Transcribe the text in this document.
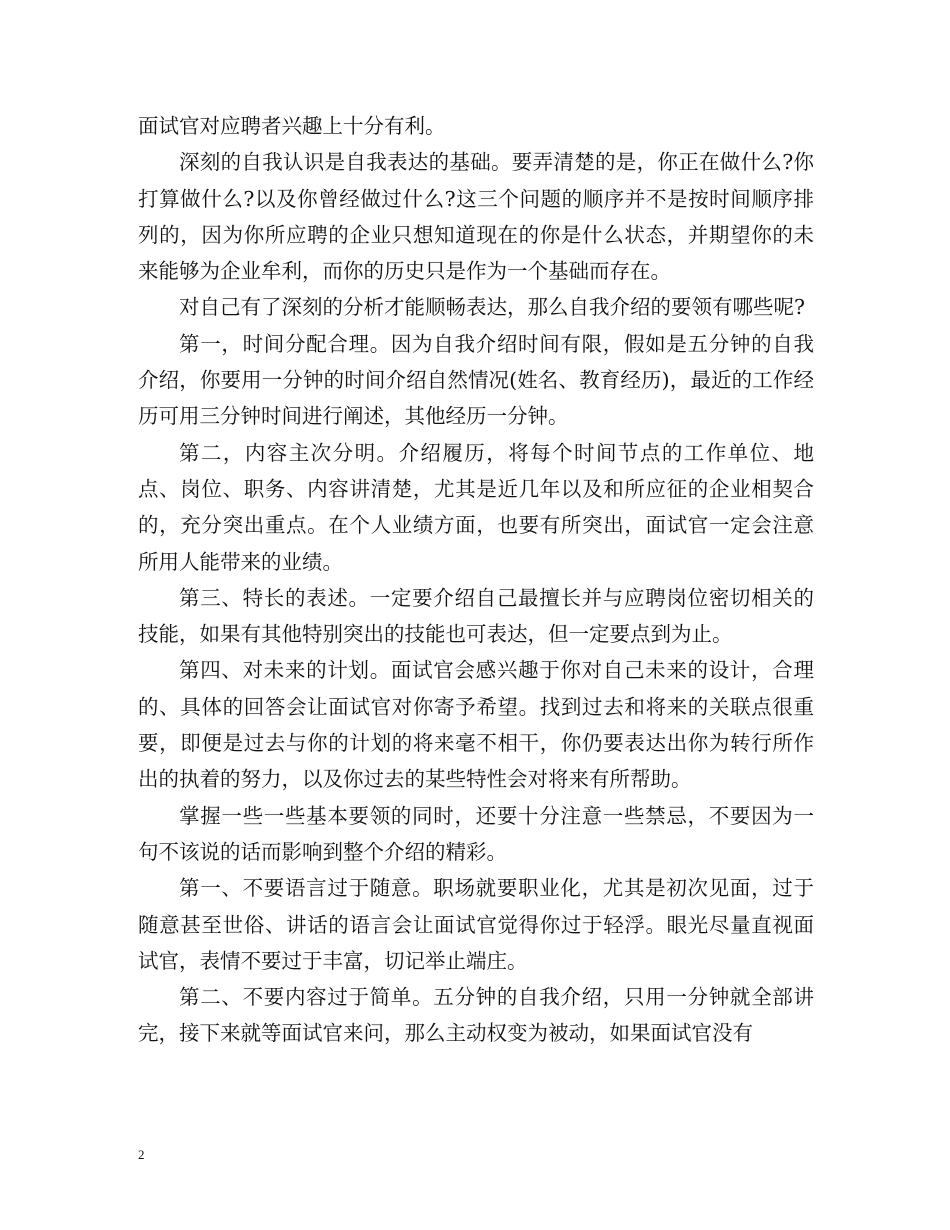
面试官对应聘者兴趣上十分有利。

深刻的自我认识是自我表达的基础。要弄清楚的是，你正在做什么?你打算做什么?以及你曾经做过什么?这三个问题的顺序并不是按时间顺序排列的，因为你所应聘的企业只想知道现在的你是什么状态，并期望你的未来能够为企业牟利，而你的历史只是作为一个基础而存在。

对自己有了深刻的分析才能顺畅表达，那么自我介绍的要领有哪些呢?

第一，时间分配合理。因为自我介绍时间有限，假如是五分钟的自我介绍，你要用一分钟的时间介绍自然情况(姓名、教育经历)，最近的工作经历可用三分钟时间进行阐述，其他经历一分钟。

第二，内容主次分明。介绍履历，将每个时间节点的工作单位、地点、岗位、职务、内容讲清楚，尤其是近几年以及和所应征的企业相契合的，充分突出重点。在个人业绩方面，也要有所突出，面试官一定会注意所用人能带来的业绩。

第三、特长的表述。一定要介绍自己最擅长并与应聘岗位密切相关的技能，如果有其他特别突出的技能也可表达，但一定要点到为止。

第四、对未来的计划。面试官会感兴趣于你对自己未来的设计，合理的、具体的回答会让面试官对你寄予希望。找到过去和将来的关联点很重要，即便是过去与你的计划的将来毫不相干，你仍要表达出你为转行所作出的执着的努力，以及你过去的某些特性会对将来有所帮助。

掌握一些一些基本要领的同时，还要十分注意一些禁忌，不要因为一句不该说的话而影响到整个介绍的精彩。

第一、不要语言过于随意。职场就要职业化，尤其是初次见面，过于随意甚至世俗、讲话的语言会让面试官觉得你过于轻浮。眼光尽量直视面试官，表情不要过于丰富，切记举止端庄。

第二、不要内容过于简单。五分钟的自我介绍，只用一分钟就全部讲完，接下来就等面试官来问，那么主动权变为被动，如果面试官没有

2
